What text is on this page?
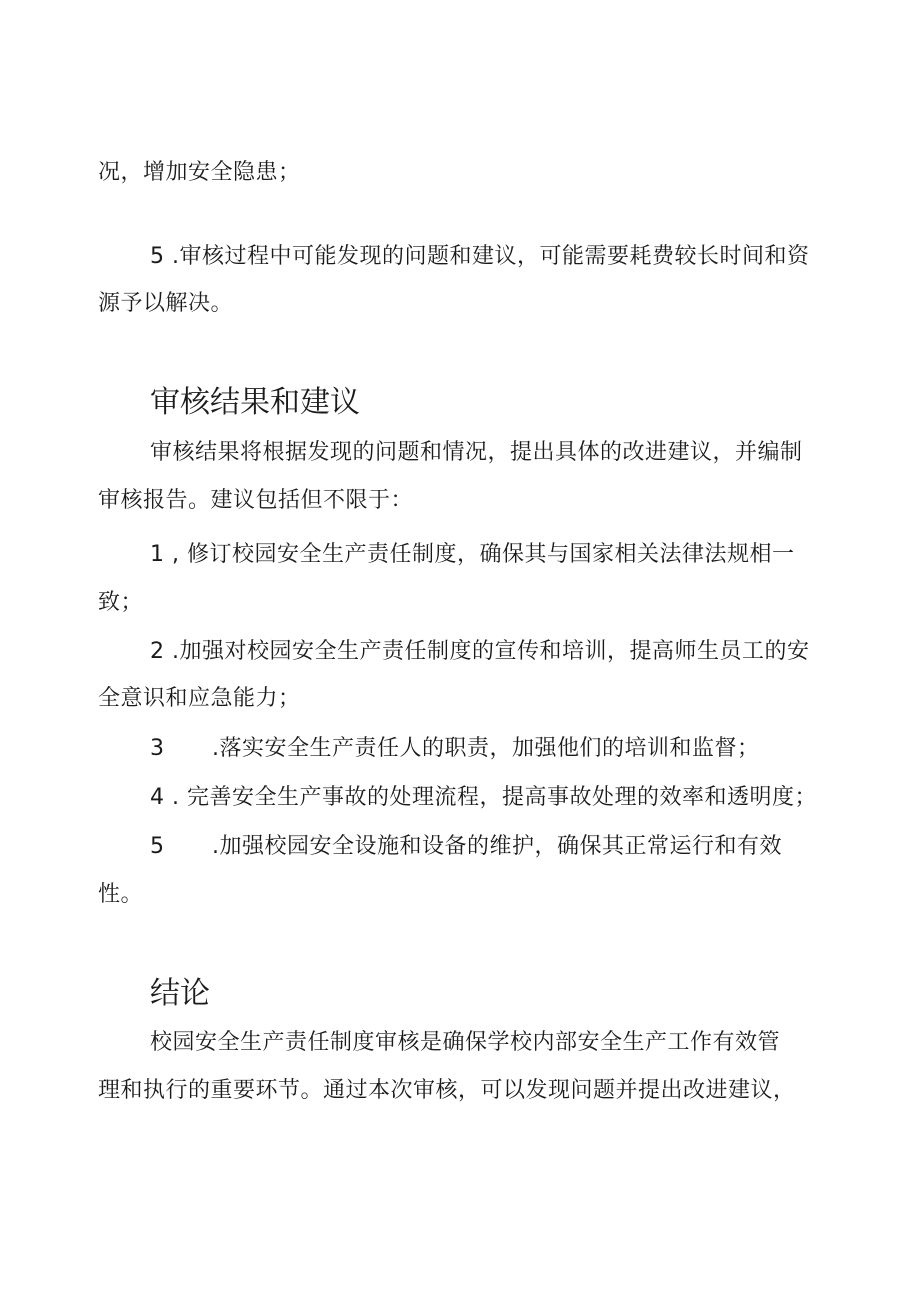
况，增加安全隐患；
5 .审核过程中可能发现的问题和建议，可能需要耗费较长时间和资
源予以解决。
审核结果和建议
审核结果将根据发现的问题和情况，提出具体的改进建议，并编制
审核报告。建议包括但不限于：
1 , 修订校园安全生产责任制度，确保其与国家相关法律法规相一
致；
2 .加强对校园安全生产责任制度的宣传和培训，提高师生员工的安
全意识和应急能力；
3 .落实安全生产责任人的职责，加强他们的培训和监督；
4 . 完善安全生产事故的处理流程，提高事故处理的效率和透明度；
5 .加强校园安全设施和设备的维护，确保其正常运行和有效
性。
结论
校园安全生产责任制度审核是确保学校内部安全生产工作有效管
理和执行的重要环节。通过本次审核，可以发现问题并提出改进建议，
